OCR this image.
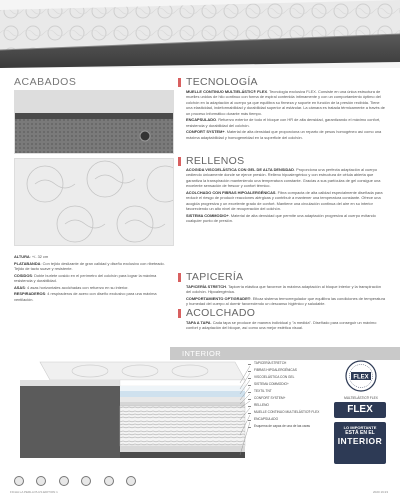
ACABADOS

ALTURA: +/- 32 cm

PLATABANDA: Con tejido deslizante de gran calidad y diseño exclusivo con ribeteado. Tejido de tacto suave y resistente.

COSIDOS: Doble burlete cosido en el perímetro del colchón para lograr la máxima resistencia y durabilidad.

ASAS: 4 asas horizontales acolchadas con refuerzo en su interior.

RESPIRADEROS: 4 respiraderos de acero con diseño exclusivo para una máxima ventilación.

TECNOLOGÍA

MUELLE CONTINUO MULTIELÁSTIC® FLEX. Tecnología exclusiva FLEX. Consiste en una única estructura de muelles unidos de hilo continuo con forma de espiral contenida íntimamente y con un comportamiento óptimo del colchón en la adaptación al cuerpo ya que equilibra su firmeza y soporte en función de la presión recibida. Tiene una elasticidad, indeformabilidad y durabilidad superior al estándar. La cámara es tratada térmicamente a través de un proceso informático durante más tiempo.

ENCAPSULADO. Refuerzo exterior de todo el bloque con HR de alta densidad, garantizando el máximo confort, resistencia y durabilidad del colchón.

CONFORT SYSTEM+. Material de alta densidad que proporciona un reparto de pesos homogéneo así como una máxima adaptabilidad y homogeneidad en la superficie del colchón.

RELLENOS

ACOGIDA VISCOELÁSTICA CON GEL DE ALTA DENSIDAD. Proporciona una perfecta adaptación al cuerpo cediendo únicamente donde se ejerce presión. Relleno hipoalergénico y con estructura de célula abierta que garantiza la transpiración manteniendo una temperatura constante. Gracias a sus partículas de gel consigue una excelente sensación de frescor y confort térmico.

ACOLCHADO CON FIBRAS HIPOALERGÉNICAS. Fibra compacta de alta calidad especialmente diseñada para reducir el riesgo de producir reacciones alérgicas y contribuir a mantener una temperatura constante. Ofrece una acogida progresiva y un excelente grado de confort. Mantiene una circulación continua del aire en su interior favoreciendo un alto nivel de recuperación del colchón.

SISTEMA COMMODIO+. Material de alta densidad que permite una adaptación progresiva al cuerpo evitando cualquier punto de presión.

TAPICERÍA

TAPICERÍA STRETCH. Tapicería elástica que favorece la máxima adaptación al bloque interior y la transpiración del colchón. Hipoalergénica.

COMPORTAMIENTO OPTIGRADE®. Eficaz sistema termorregulador que equilibra las condiciones de temperatura y humedad del cuerpo al dormir favoreciendo un descanso higiénico y saludable.

ACOLCHADO

TAPA A TAPA. Cada tapa se produce de manera individual y "a medida". Diseñado para conseguir un máximo confort y adaptación del bloque, así como una mejor estética visual.

INTERIOR
TAPICERÍA STRETCH
FIBRAS HIPOALERGÉNICAS
VISCOELÁSTICA CON GEL
SISTEMA COMMODIO+
TEXTIL TNT
CONFORT SYSTEM+
RELLENO
MUELLE CONTINUO MULTIELÁSTIC® FLEX
ENCAPSULADO
Esquema de capas de una de las caras
FLEX
MULTIELÁSTIC® FLEX
FLEX
LO IMPORTANTE
ESTÁ EN EL
INTERIOR

FICHA LA PERLA PLUS EDITION 1	2020 19:23
